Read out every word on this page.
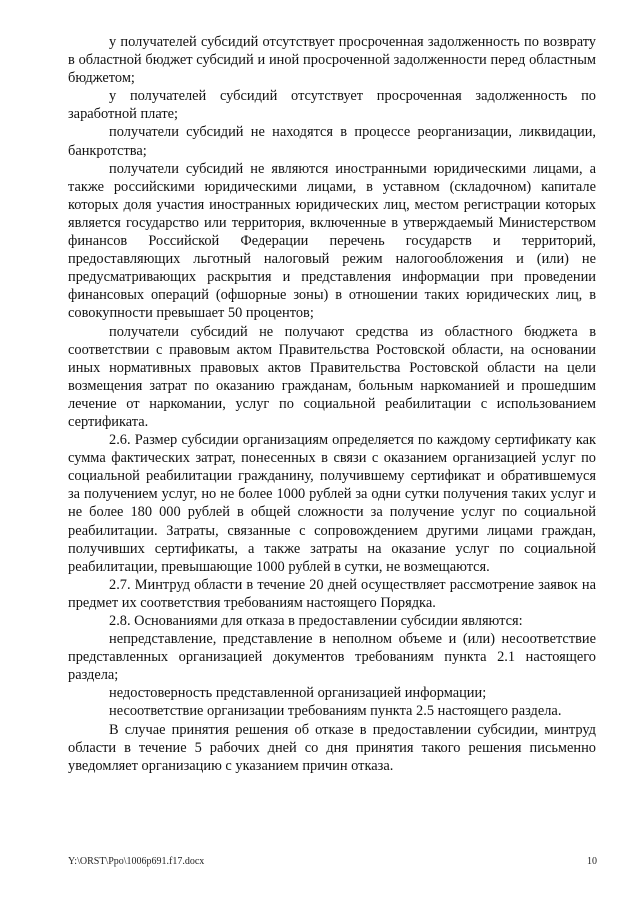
у получателей субсидий отсутствует просроченная задолженность по возврату в областной бюджет субсидий и иной просроченной задолженности перед областным бюджетом;

у получателей субсидий отсутствует просроченная задолженность по заработной плате;

получатели субсидий не находятся в процессе реорганизации, ликвидации, банкротства;

получатели субсидий не являются иностранными юридическими лицами, а также российскими юридическими лицами, в уставном (складочном) капитале которых доля участия иностранных юридических лиц, местом регистрации которых является государство или территория, включенные в утверждаемый Министерством финансов Российской Федерации перечень государств и территорий, предоставляющих льготный налоговый режим налогообложения и (или) не предусматривающих раскрытия и представления информации при проведении финансовых операций (офшорные зоны) в отношении таких юридических лиц, в совокупности превышает 50 процентов;

получатели субсидий не получают средства из областного бюджета в соответствии с правовым актом Правительства Ростовской области, на основании иных нормативных правовых актов Правительства Ростовской области на цели возмещения затрат по оказанию гражданам, больным наркоманией и прошедшим лечение от наркомании, услуг по социальной реабилитации с использованием сертификата.

2.6. Размер субсидии организациям определяется по каждому сертификату как сумма фактических затрат, понесенных в связи с оказанием организацией услуг по социальной реабилитации гражданину, получившему сертификат и обратившемуся за получением услуг, но не более 1000 рублей за одни сутки получения таких услуг и не более 180 000 рублей в общей сложности за получение услуг по социальной реабилитации. Затраты, связанные с сопровождением другими лицами граждан, получивших сертификаты, а также затраты на оказание услуг по социальной реабилитации, превышающие 1000 рублей в сутки, не возмещаются.

2.7. Минтруд области в течение 20 дней осуществляет рассмотрение заявок на предмет их соответствия требованиям настоящего Порядка.

2.8. Основаниями для отказа в предоставлении субсидии являются:

непредставление, представление в неполном объеме и (или) несоответствие представленных организацией документов требованиям пункта 2.1 настоящего раздела;

недостоверность представленной организацией информации;

несоответствие организации требованиям пункта 2.5 настоящего раздела.

В случае принятия решения об отказе в предоставлении субсидии, минтруд области в течение 5 рабочих дней со дня принятия такого решения письменно уведомляет организацию с указанием причин отказа.

Y:\ORST\Ppo\1006p691.f17.docx	10
